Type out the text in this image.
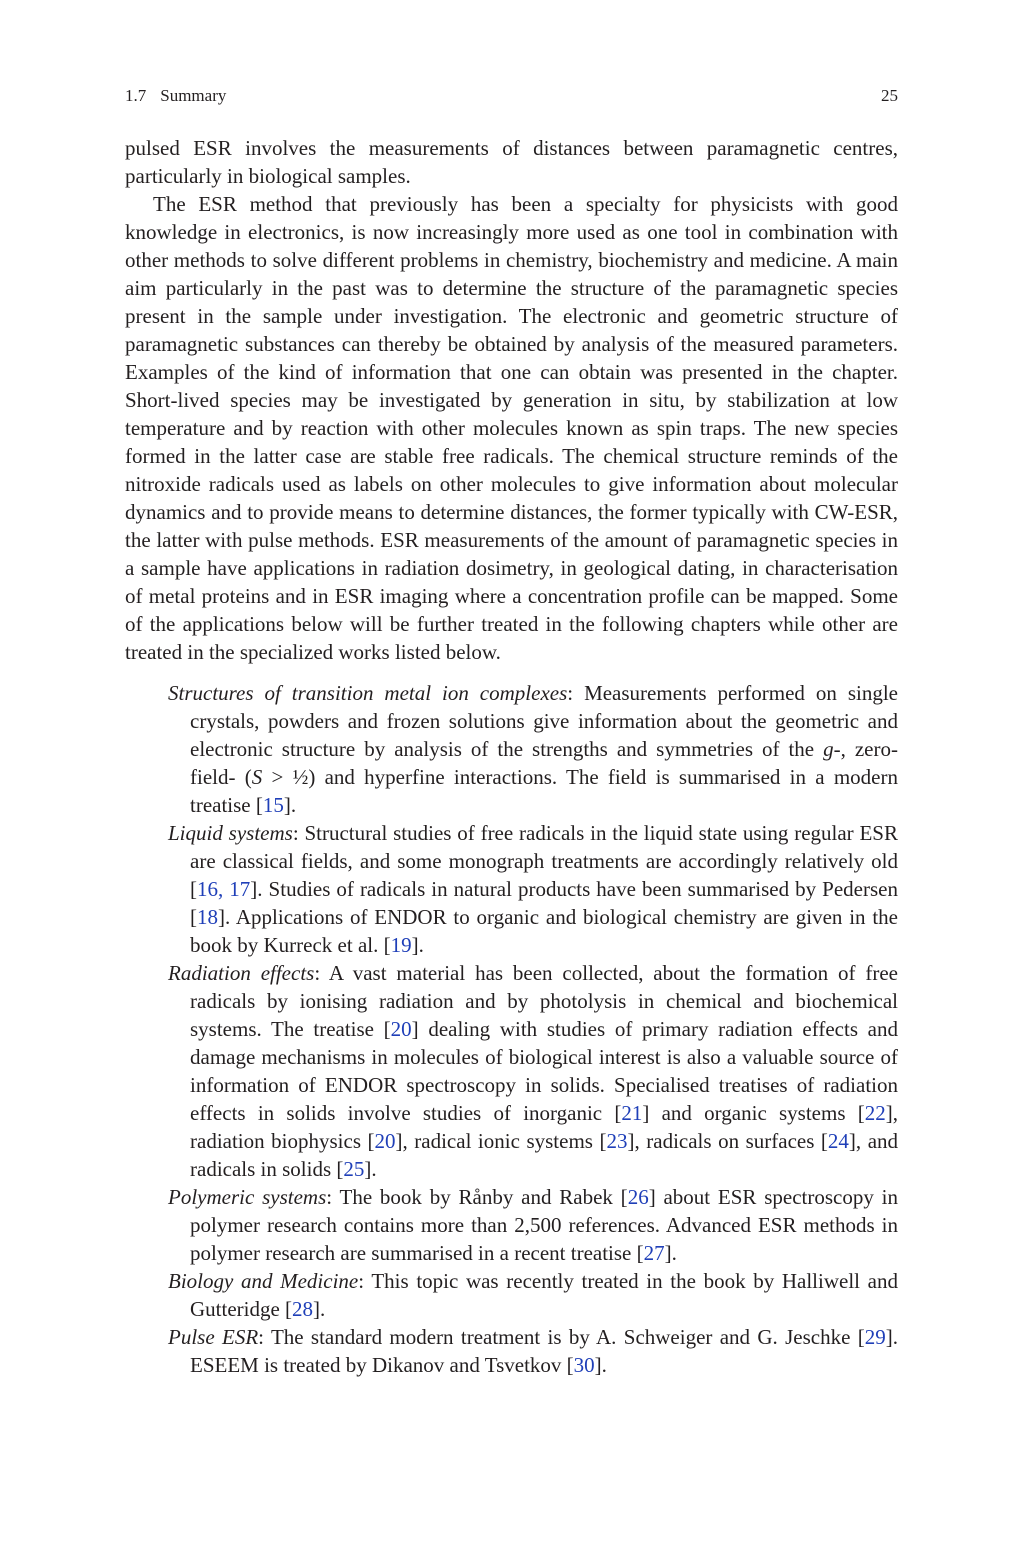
1.7 Summary	25

pulsed ESR involves the measurements of distances between paramagnetic centres, particularly in biological samples.

The ESR method that previously has been a specialty for physicists with good knowledge in electronics, is now increasingly more used as one tool in combination with other methods to solve different problems in chemistry, biochemistry and medicine. A main aim particularly in the past was to determine the structure of the paramagnetic species present in the sample under investigation. The electronic and geometric structure of paramagnetic substances can thereby be obtained by analysis of the measured parameters. Examples of the kind of information that one can obtain was presented in the chapter. Short-lived species may be investigated by generation in situ, by stabilization at low temperature and by reaction with other molecules known as spin traps. The new species formed in the latter case are stable free radicals. The chemical structure reminds of the nitroxide radicals used as labels on other molecules to give information about molecular dynamics and to provide means to determine distances, the former typically with CW-ESR, the latter with pulse methods. ESR measurements of the amount of paramagnetic species in a sample have applications in radiation dosimetry, in geological dating, in characterisation of metal proteins and in ESR imaging where a concentration profile can be mapped. Some of the applications below will be further treated in the following chapters while other are treated in the specialized works listed below.

Structures of transition metal ion complexes: Measurements performed on single crystals, powders and frozen solutions give information about the geometric and electronic structure by analysis of the strengths and symmetries of the g-, zero-field- (S > ½) and hyperfine interactions. The field is summarised in a modern treatise [15].

Liquid systems: Structural studies of free radicals in the liquid state using regular ESR are classical fields, and some monograph treatments are accordingly relatively old [16, 17]. Studies of radicals in natural products have been summarised by Pedersen [18]. Applications of ENDOR to organic and biological chemistry are given in the book by Kurreck et al. [19].

Radiation effects: A vast material has been collected, about the formation of free radicals by ionising radiation and by photolysis in chemical and biochemical systems. The treatise [20] dealing with studies of primary radiation effects and damage mechanisms in molecules of biological interest is also a valuable source of information of ENDOR spectroscopy in solids. Specialised treatises of radiation effects in solids involve studies of inorganic [21] and organic systems [22], radiation biophysics [20], radical ionic systems [23], radicals on surfaces [24], and radicals in solids [25].

Polymeric systems: The book by Rånby and Rabek [26] about ESR spectroscopy in polymer research contains more than 2,500 references. Advanced ESR methods in polymer research are summarised in a recent treatise [27].

Biology and Medicine: This topic was recently treated in the book by Halliwell and Gutteridge [28].

Pulse ESR: The standard modern treatment is by A. Schweiger and G. Jeschke [29]. ESEEM is treated by Dikanov and Tsvetkov [30].
